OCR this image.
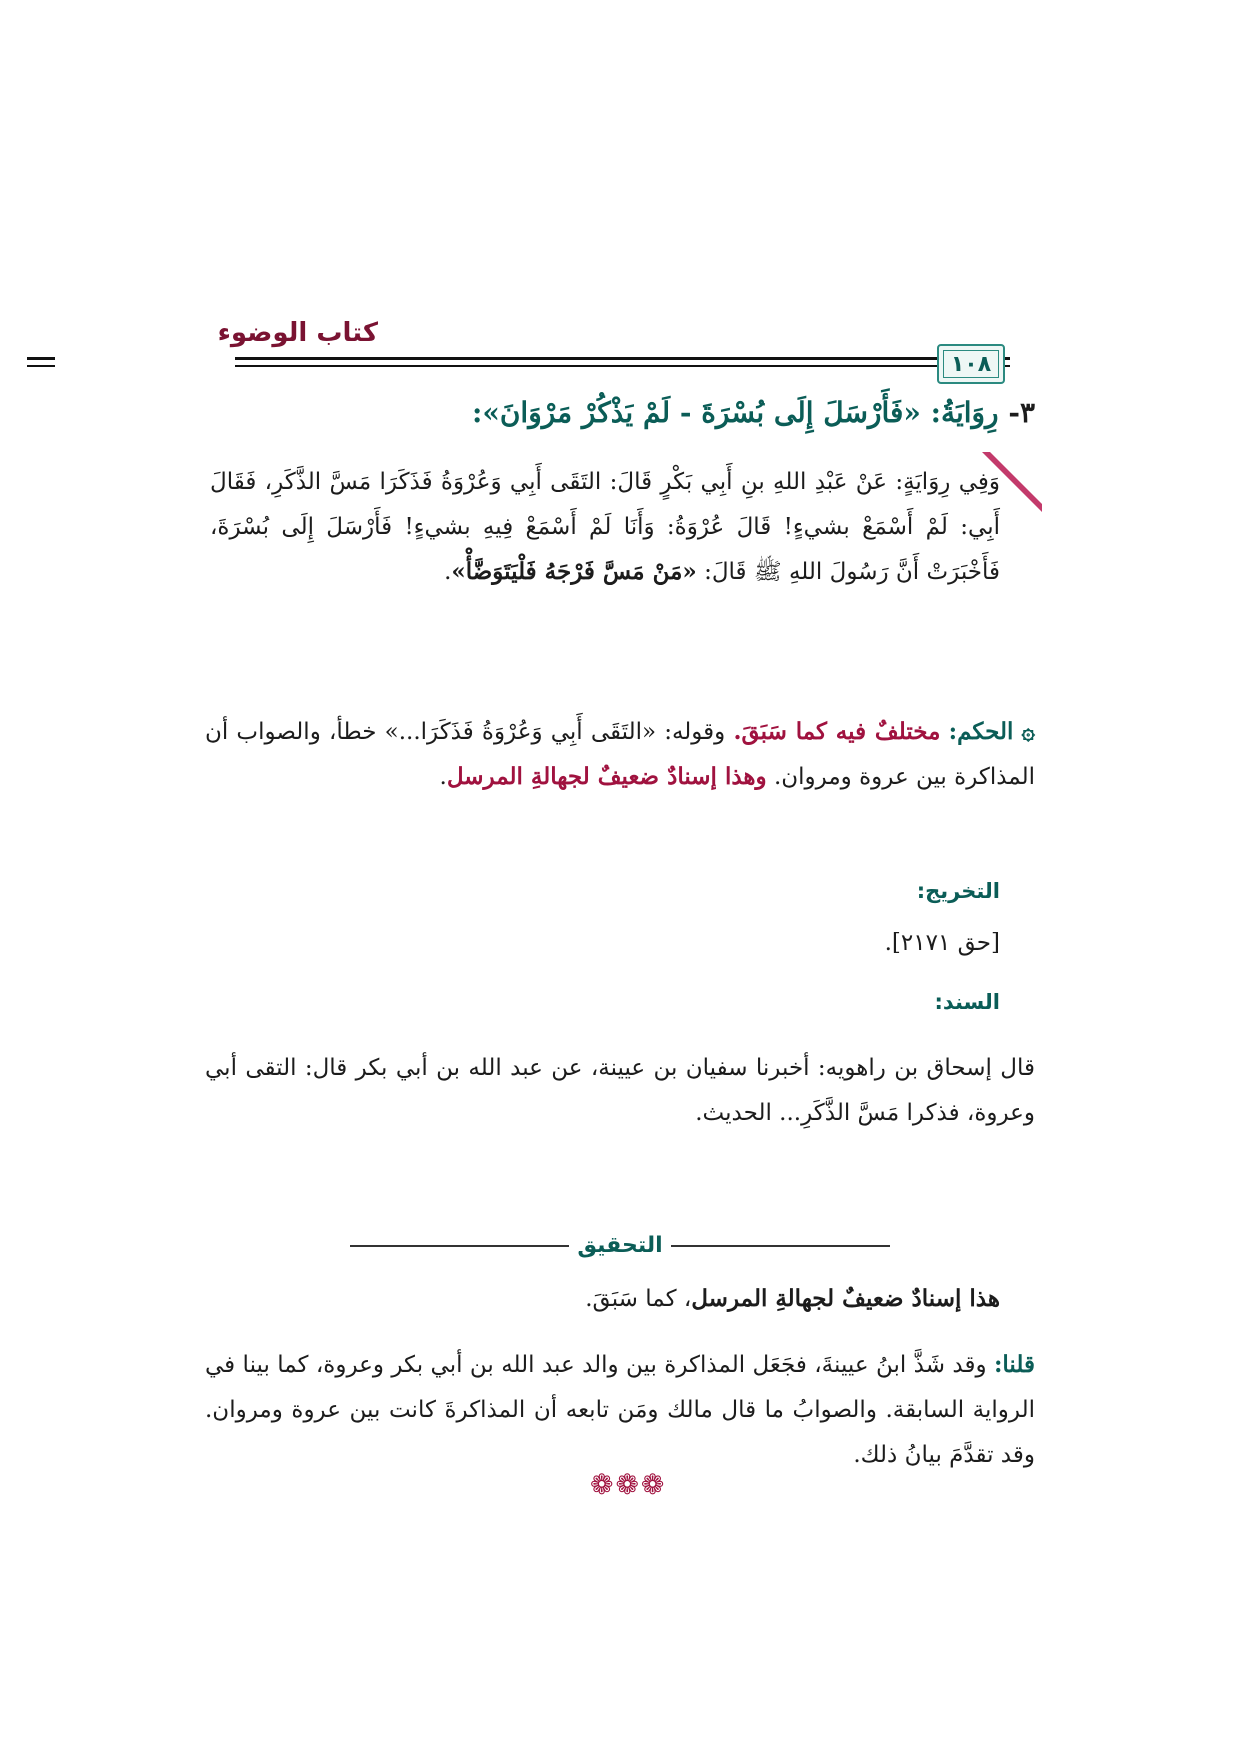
كتاب الوضوء
١٠٨
٣- رِوَايَةُ: «فَأَرْسَلَ إِلَى بُسْرَةَ - لَمْ يَذْكُرْ مَرْوَانَ»:
وَفِي رِوَايَةٍ: عَنْ عَبْدِ اللهِ بنِ أَبِي بَكْرٍ قَالَ: التَقَى أَبِي وَعُرْوَةُ فَذَكَرَا مَسَّ الذَّكَرِ، فَقَالَ أَبِي: لَمْ أَسْمَعْ بشيءٍ! قَالَ عُرْوَةُ: وَأَنَا لَمْ أَسْمَعْ فِيهِ بشيءٍ! فَأَرْسَلَ إِلَى بُسْرَةَ، فَأَخْبَرَتْ أَنَّ رَسُولَ اللهِ ﷺ قَالَ: «مَنْ مَسَّ فَرْجَهُ فَلْيَتَوَضَّأْ».
۞ الحكم: مختلفٌ فيه كما سَبَقَ. وقوله: «التَقَى أَبِي وَعُرْوَةُ فَذَكَرَا...» خطأ، والصواب أن المذاكرة بين عروة ومروان. وهذا إسنادٌ ضعيفٌ لجهالةِ المرسل.
التخريج:
[حق ٢١٧١].
السند:
قال إسحاق بن راهويه: أخبرنا سفيان بن عيينة، عن عبد الله بن أبي بكر قال: التقى أبي وعروة، فذكرا مَسَّ الذَّكَرِ... الحديث.
التحقيق
هذا إسنادٌ ضعيفٌ لجهالةِ المرسل، كما سَبَقَ.
قلنا: وقد شَذَّ ابنُ عيينةَ، فجَعَل المذاكرة بين والد عبد الله بن أبي بكر وعروة، كما بينا في الرواية السابقة. والصوابُ ما قال مالك ومَن تابعه أن المذاكرةَ كانت بين عروة ومروان. وقد تقدَّمَ بيانُ ذلك.
❁❁❁
